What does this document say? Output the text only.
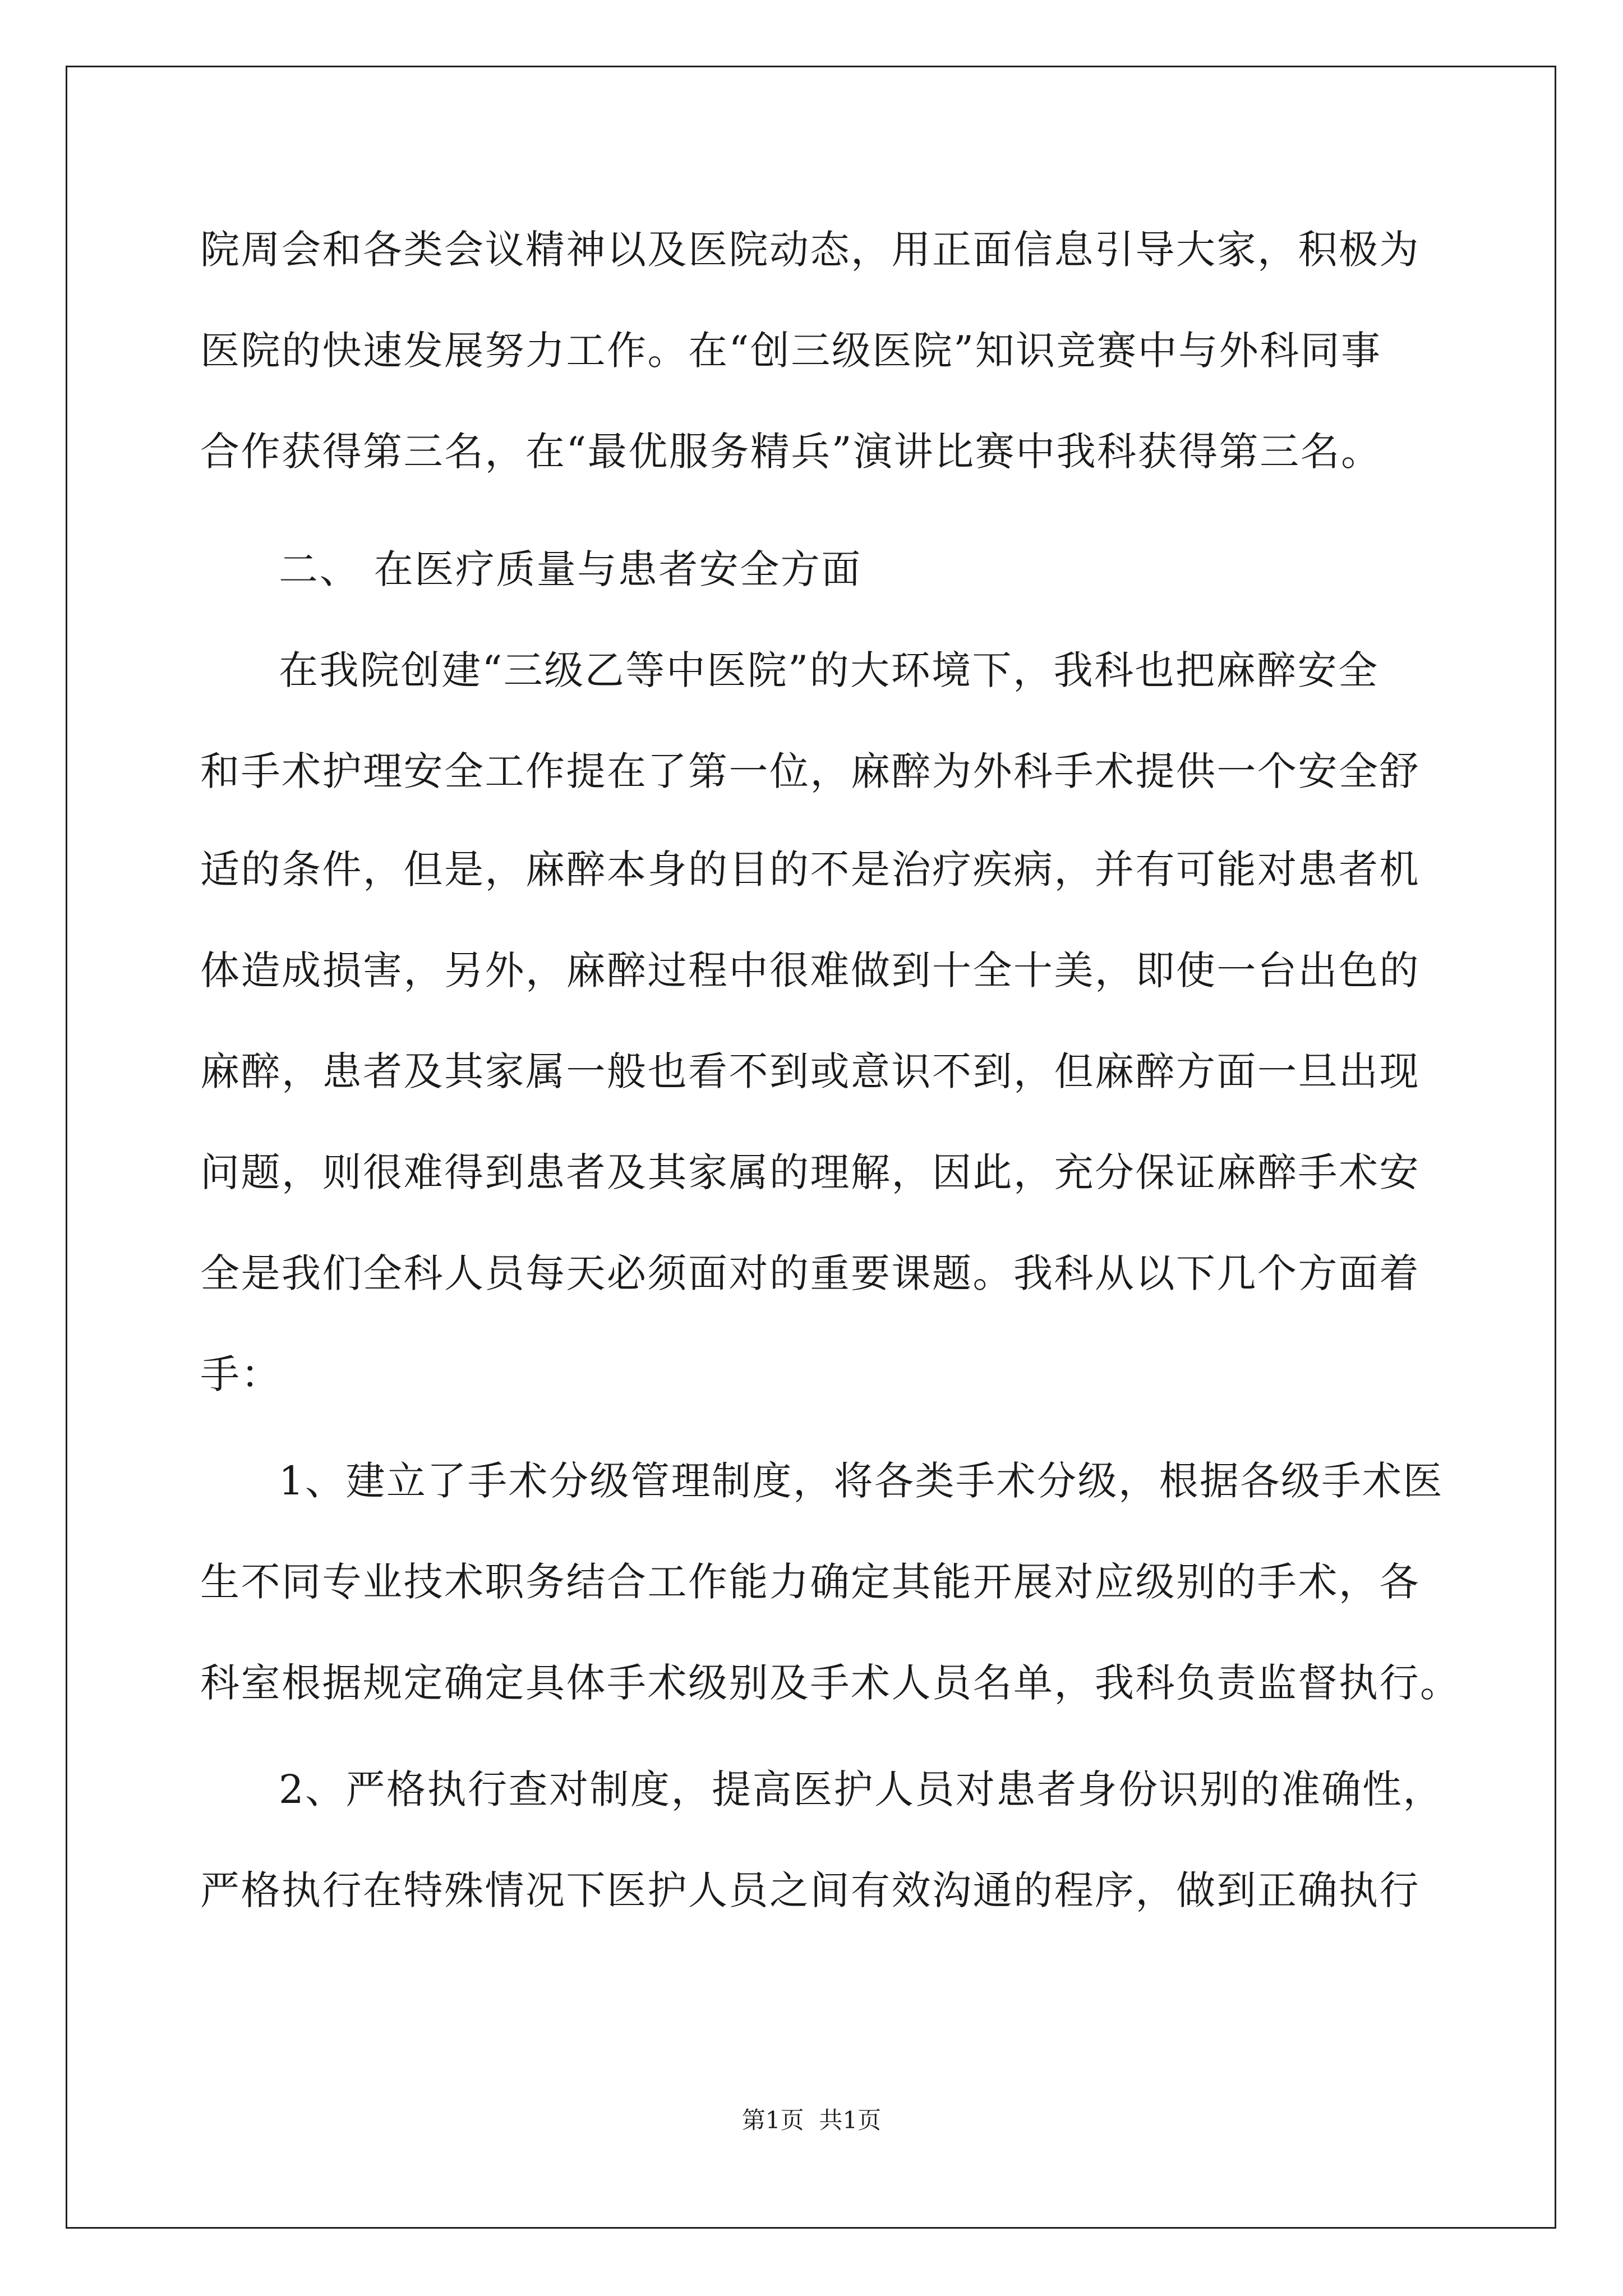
院周会和各类会议精神以及医院动态，用正面信息引导大家，积极为
医院的快速发展努力工作。在“创三级医院”知识竞赛中与外科同事
合作获得第三名，在“最优服务精兵”演讲比赛中我科获得第三名。
二、 在医疗质量与患者安全方面
在我院创建“三级乙等中医院”的大环境下，我科也把麻醉安全
和手术护理安全工作提在了第一位，麻醉为外科手术提供一个安全舒
适的条件，但是，麻醉本身的目的不是治疗疾病，并有可能对患者机
体造成损害，另外，麻醉过程中很难做到十全十美，即使一台出色的
麻醉，患者及其家属一般也看不到或意识不到，但麻醉方面一旦出现
问题，则很难得到患者及其家属的理解，因此，充分保证麻醉手术安
全是我们全科人员每天必须面对的重要课题。我科从以下几个方面着
手：
1、建立了手术分级管理制度，将各类手术分级，根据各级手术医
生不同专业技术职务结合工作能力确定其能开展对应级别的手术，各
科室根据规定确定具体手术级别及手术人员名单，我科负责监督执行。
2、严格执行查对制度，提高医护人员对患者身份识别的准确性，
严格执行在特殊情况下医护人员之间有效沟通的程序，做到正确执行
第1页  共1页
